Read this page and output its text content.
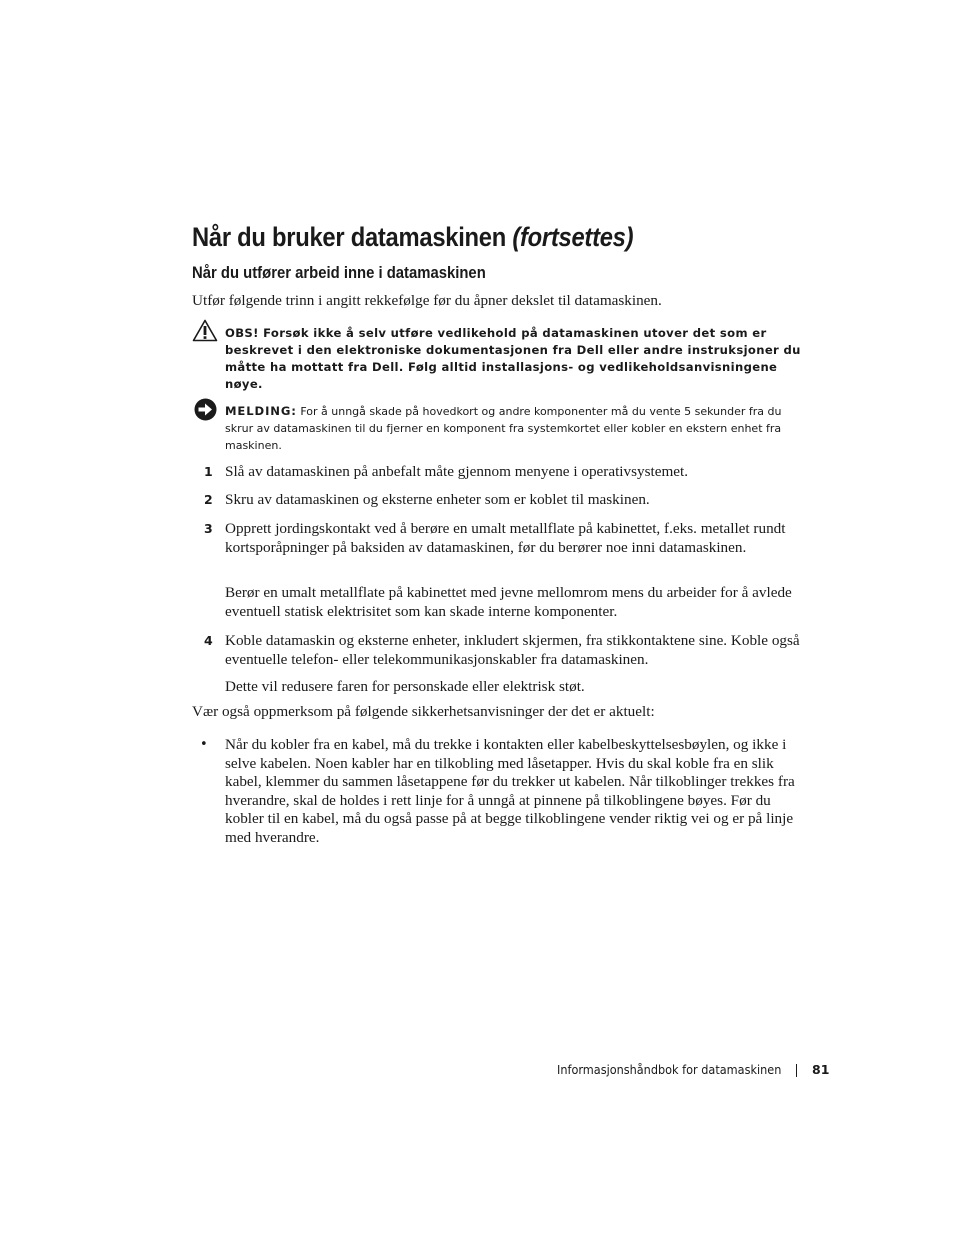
Når du bruker datamaskinen (fortsettes)
Når du utfører arbeid inne i datamaskinen

Utfør følgende trinn i angitt rekkefølge før du åpner dekslet til datamaskinen.

OBS! Forsøk ikke å selv utføre vedlikehold på datamaskinen utover det som er beskrevet i den elektroniske dokumentasjonen fra Dell eller andre instruksjoner du måtte ha mottatt fra Dell. Følg alltid installasjons- og vedlikeholdsanvisningene nøye.

MELDING: For å unngå skade på hovedkort og andre komponenter må du vente 5 sekunder fra du skrur av datamaskinen til du fjerner en komponent fra systemkortet eller kobler en ekstern enhet fra maskinen.

1 Slå av datamaskinen på anbefalt måte gjennom menyene i operativsystemet.

2 Skru av datamaskinen og eksterne enheter som er koblet til maskinen.

3 Opprett jordingskontakt ved å berøre en umalt metallflate på kabinettet, f.eks. metallet rundt kortsporåpninger på baksiden av datamaskinen, før du berører noe inni datamaskinen.

Berør en umalt metallflate på kabinettet med jevne mellomrom mens du arbeider for å avlede eventuell statisk elektrisitet som kan skade interne komponenter.

4 Koble datamaskin og eksterne enheter, inkludert skjermen, fra stikkontaktene sine. Koble også eventuelle telefon- eller telekommunikasjonskabler fra datamaskinen.

Dette vil redusere faren for personskade eller elektrisk støt.

Vær også oppmerksom på følgende sikkerhetsanvisninger der det er aktuelt:

• Når du kobler fra en kabel, må du trekke i kontakten eller kabelbeskyttelsesbøylen, og ikke i selve kabelen. Noen kabler har en tilkobling med låsetapper. Hvis du skal koble fra en slik kabel, klemmer du sammen låsetappene før du trekker ut kabelen. Når tilkoblinger trekkes fra hverandre, skal de holdes i rett linje for å unngå at pinnene på tilkoblingene bøyes. Før du kobler til en kabel, må du også passe på at begge tilkoblingene vender riktig vei og er på linje med hverandre.

Informasjonshåndbok for datamaskinen 81
